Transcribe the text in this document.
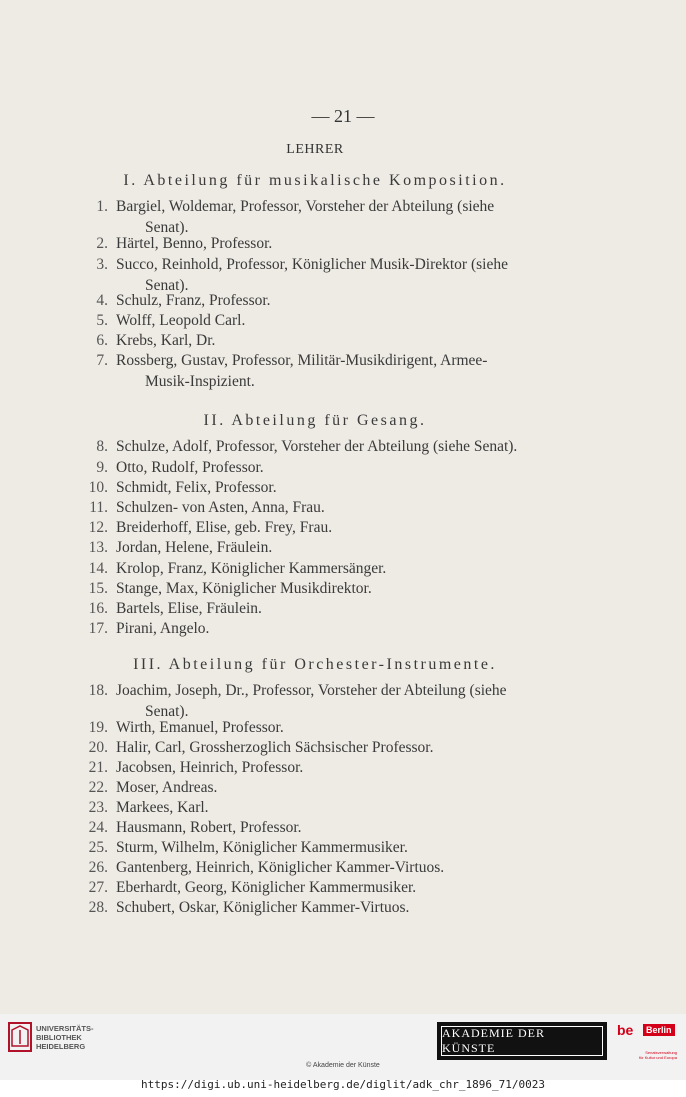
— 21 —
LEHRER
I. Abteilung für musikalische Komposition.
1. Bargiel, Woldemar, Professor, Vorsteher der Abteilung (siehe
Senat).
2. Härtel, Benno, Professor.
3. Succo, Reinhold, Professor, Königlicher Musik-Direktor (siehe
Senat).
4. Schulz, Franz, Professor.
5. Wolff, Leopold Carl.
6. Krebs, Karl, Dr.
7. Rossberg, Gustav, Professor, Militär-Musikdirigent, Armee-
Musik-Inspizient.
II. Abteilung für Gesang.
8. Schulze, Adolf, Professor, Vorsteher der Abteilung (siehe Senat).
9. Otto, Rudolf, Professor.
10. Schmidt, Felix, Professor.
11. Schulzen- von Asten, Anna, Frau.
12. Breiderhoff, Elise, geb. Frey, Frau.
13. Jordan, Helene, Fräulein.
14. Krolop, Franz, Königlicher Kammersänger.
15. Stange, Max, Königlicher Musikdirektor.
16. Bartels, Elise, Fräulein.
17. Pirani, Angelo.
III. Abteilung für Orchester-Instrumente.
18. Joachim, Joseph, Dr., Professor, Vorsteher der Abteilung (siehe
Senat).
19. Wirth, Emanuel, Professor.
20. Halir, Carl, Grossherzoglich Sächsischer Professor.
21. Jacobsen, Heinrich, Professor.
22. Moser, Andreas.
23. Markees, Karl.
24. Hausmann, Robert, Professor.
25. Sturm, Wilhelm, Königlicher Kammermusiker.
26. Gantenberg, Heinrich, Königlicher Kammer-Virtuos.
27. Eberhardt, Georg, Königlicher Kammermusiker.
28. Schubert, Oskar, Königlicher Kammer-Virtuos.
UNIVERSITÄTS-
BIBLIOTHEK
HEIDELBERG
AKADEMIE DER KÜNSTE
be	Berlin
Senatsverwaltung
für Kultur und Europa
© Akademie der Künste
https://digi.ub.uni-heidelberg.de/diglit/adk_chr_1896_71/0023
